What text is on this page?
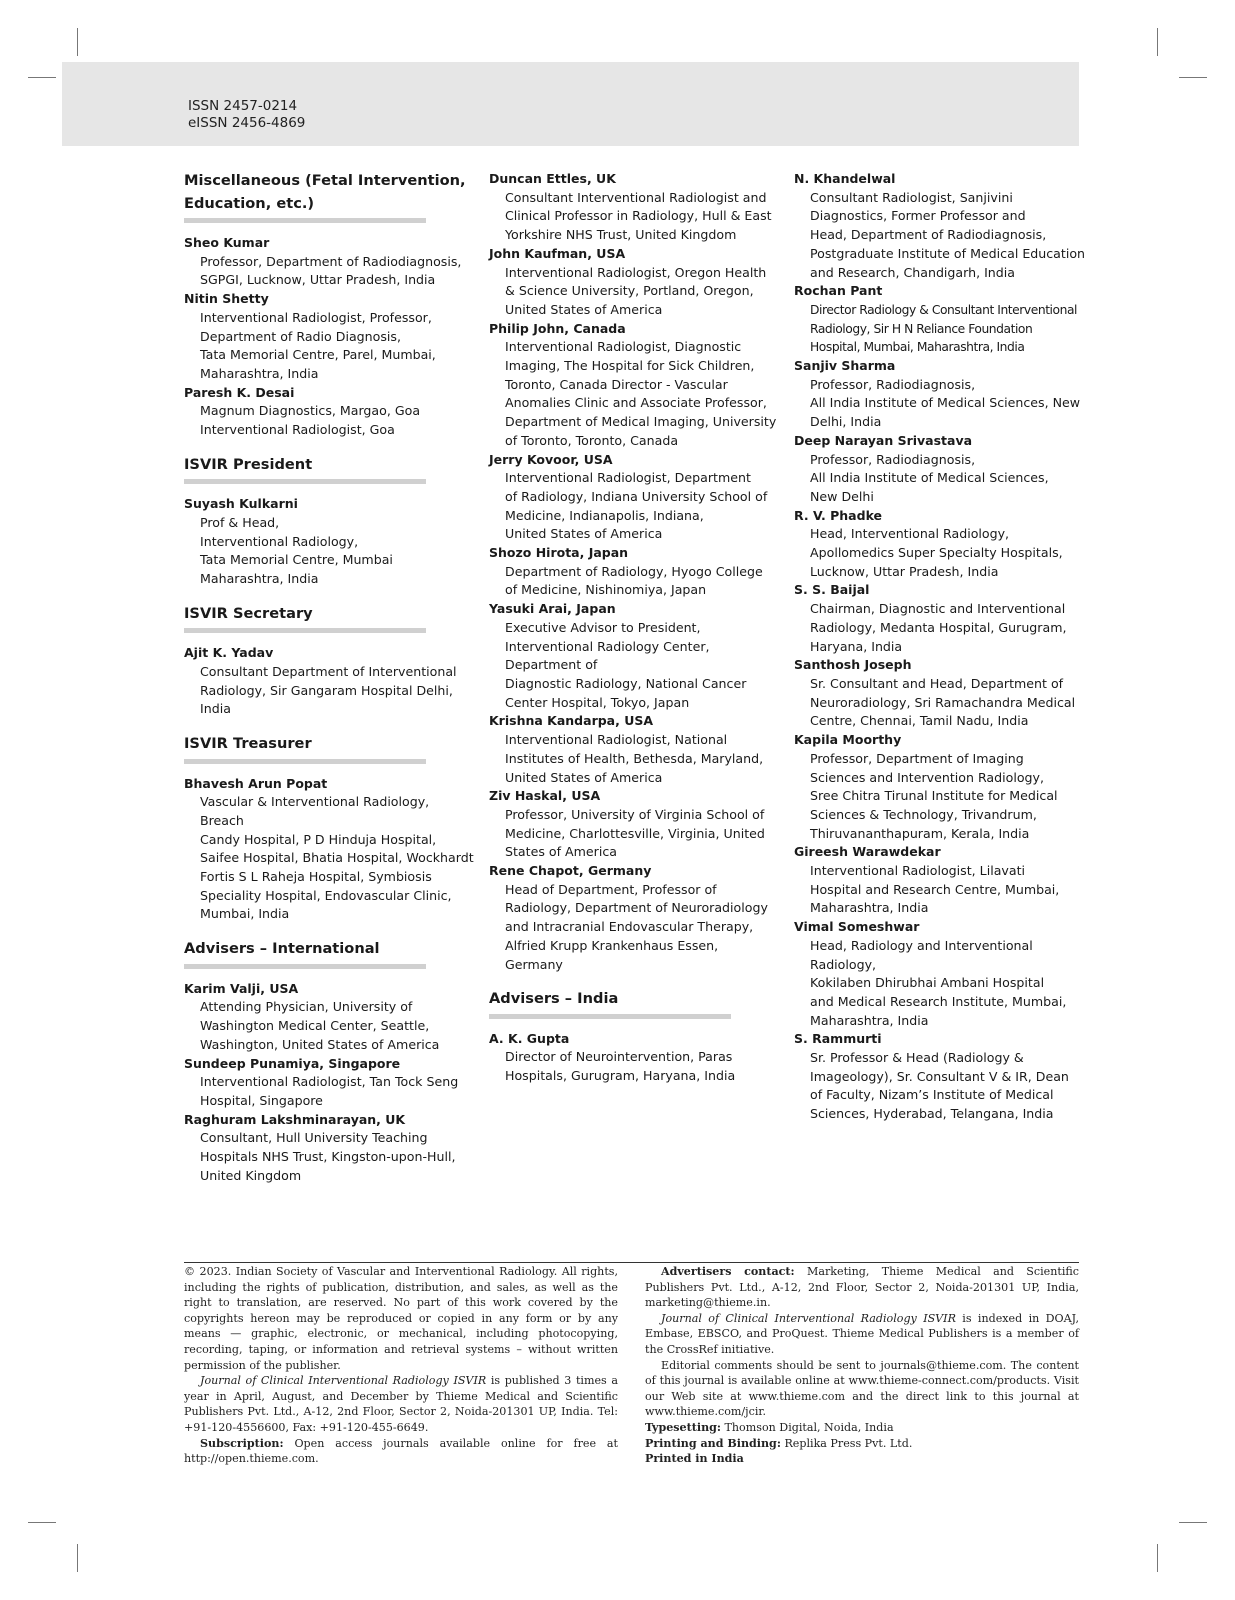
ISSN 2457-0214
eISSN 2456-4869
Miscellaneous (Fetal Intervention, Education, etc.)
Sheo Kumar
Professor, Department of Radiodiagnosis,
SGPGI, Lucknow, Uttar Pradesh, India
Nitin Shetty
Interventional Radiologist, Professor,
Department of Radio Diagnosis,
Tata Memorial Centre, Parel, Mumbai,
Maharashtra, India
Paresh K. Desai
Magnum Diagnostics, Margao, Goa
Interventional Radiologist, Goa
ISVIR President
Suyash Kulkarni
Prof & Head,
Interventional Radiology,
Tata Memorial Centre, Mumbai
Maharashtra, India
ISVIR Secretary
Ajit K. Yadav
Consultant Department of Interventional
Radiology, Sir Gangaram Hospital Delhi,
India
ISVIR Treasurer
Bhavesh Arun Popat
Vascular & Interventional Radiology, Breach
Candy Hospital, P D Hinduja Hospital,
Saifee Hospital, Bhatia Hospital, Wockhardt
Fortis S L Raheja Hospital, Symbiosis
Speciality Hospital, Endovascular Clinic,
Mumbai, India
Advisers – International
Karim Valji, USA
Attending Physician, University of
Washington Medical Center, Seattle,
Washington, United States of America
Sundeep Punamiya, Singapore
Interventional Radiologist, Tan Tock Seng
Hospital, Singapore
Raghuram Lakshminarayan, UK
Consultant, Hull University Teaching
Hospitals NHS Trust, Kingston-upon-Hull,
United Kingdom
Duncan Ettles, UK
Consultant Interventional Radiologist and
Clinical Professor in Radiology, Hull & East
Yorkshire NHS Trust, United Kingdom
John Kaufman, USA
Interventional Radiologist, Oregon Health
& Science University, Portland, Oregon,
United States of America
Philip John, Canada
Interventional Radiologist, Diagnostic
Imaging, The Hospital for Sick Children,
Toronto, Canada Director - Vascular
Anomalies Clinic and Associate Professor,
Department of Medical Imaging, University
of Toronto, Toronto, Canada
Jerry Kovoor, USA
Interventional Radiologist, Department
of Radiology, Indiana University School of
Medicine, Indianapolis, Indiana,
United States of America
Shozo Hirota, Japan
Department of Radiology, Hyogo College
of Medicine, Nishinomiya, Japan
Yasuki Arai, Japan
Executive Advisor to President,
Interventional Radiology Center,
Department of
Diagnostic Radiology, National Cancer
Center Hospital, Tokyo, Japan
Krishna Kandarpa, USA
Interventional Radiologist, National
Institutes of Health, Bethesda, Maryland,
United States of America
Ziv Haskal, USA
Professor, University of Virginia School of
Medicine, Charlottesville, Virginia, United
States of America
Rene Chapot, Germany
Head of Department, Professor of
Radiology, Department of Neuroradiology
and Intracranial Endovascular Therapy,
Alfried Krupp Krankenhaus Essen,
Germany
Advisers – India
A. K. Gupta
Director of Neurointervention, Paras
Hospitals, Gurugram, Haryana, India
N. Khandelwal
Consultant Radiologist, Sanjivini
Diagnostics, Former Professor and
Head, Department of Radiodiagnosis,
Postgraduate Institute of Medical Education
and Research, Chandigarh, India
Rochan Pant
Director Radiology & Consultant Interventional
Radiology, Sir H N Reliance Foundation
Hospital, Mumbai, Maharashtra, India
Sanjiv Sharma
Professor, Radiodiagnosis,
All India Institute of Medical Sciences, New
Delhi, India
Deep Narayan Srivastava
Professor, Radiodiagnosis,
All India Institute of Medical Sciences,
New Delhi
R. V. Phadke
Head, Interventional Radiology,
Apollomedics Super Specialty Hospitals,
Lucknow, Uttar Pradesh, India
S. S. Baijal
Chairman, Diagnostic and Interventional
Radiology, Medanta Hospital, Gurugram,
Haryana, India
Santhosh Joseph
Sr. Consultant and Head, Department of
Neuroradiology, Sri Ramachandra Medical
Centre, Chennai, Tamil Nadu, India
Kapila Moorthy
Professor, Department of Imaging
Sciences and Intervention Radiology,
Sree Chitra Tirunal Institute for Medical
Sciences & Technology, Trivandrum,
Thiruvananthapuram, Kerala, India
Gireesh Warawdekar
Interventional Radiologist, Lilavati
Hospital and Research Centre, Mumbai,
Maharashtra, India
Vimal Someshwar
Head, Radiology and Interventional
Radiology,
Kokilaben Dhirubhai Ambani Hospital
and Medical Research Institute, Mumbai,
Maharashtra, India
S. Rammurti
Sr. Professor & Head (Radiology &
Imageology), Sr. Consultant V & IR, Dean
of Faculty, Nizam’s Institute of Medical
Sciences, Hyderabad, Telangana, India

© 2023. Indian Society of Vascular and Interventional Radiology. All rights, including the rights of publication, distribution, and sales, as well as the right to translation, are reserved. No part of this work covered by the copyrights hereon may be reproduced or copied in any form or by any means — graphic, electronic, or mechanical, including photocopying, recording, taping, or information and retrieval systems – without written permission of the publisher.

Journal of Clinical Interventional Radiology ISVIR is published 3 times a year in April, August, and December by Thieme Medical and Scientific Publishers Pvt. Ltd., A-12, 2nd Floor, Sector 2, Noida-201301 UP, India. Tel: +91-120-4556600, Fax: +91-120-455-6649.

Subscription: Open access journals available online for free at http://open.thieme.com.

Advertisers contact: Marketing, Thieme Medical and Scientific Publishers Pvt. Ltd., A-12, 2nd Floor, Sector 2, Noida-201301 UP, India, marketing@thieme.in.

Journal of Clinical Interventional Radiology ISVIR is indexed in DOAJ, Embase, EBSCO, and ProQuest. Thieme Medical Publishers is a member of the CrossRef initiative.

Editorial comments should be sent to journals@thieme.com. The content of this journal is available online at www.thieme-connect.com/products. Visit our Web site at www.thieme.com and the direct link to this journal at www.thieme.com/jcir.

Typesetting: Thomson Digital, Noida, India

Printing and Binding: Replika Press Pvt. Ltd.

Printed in India
